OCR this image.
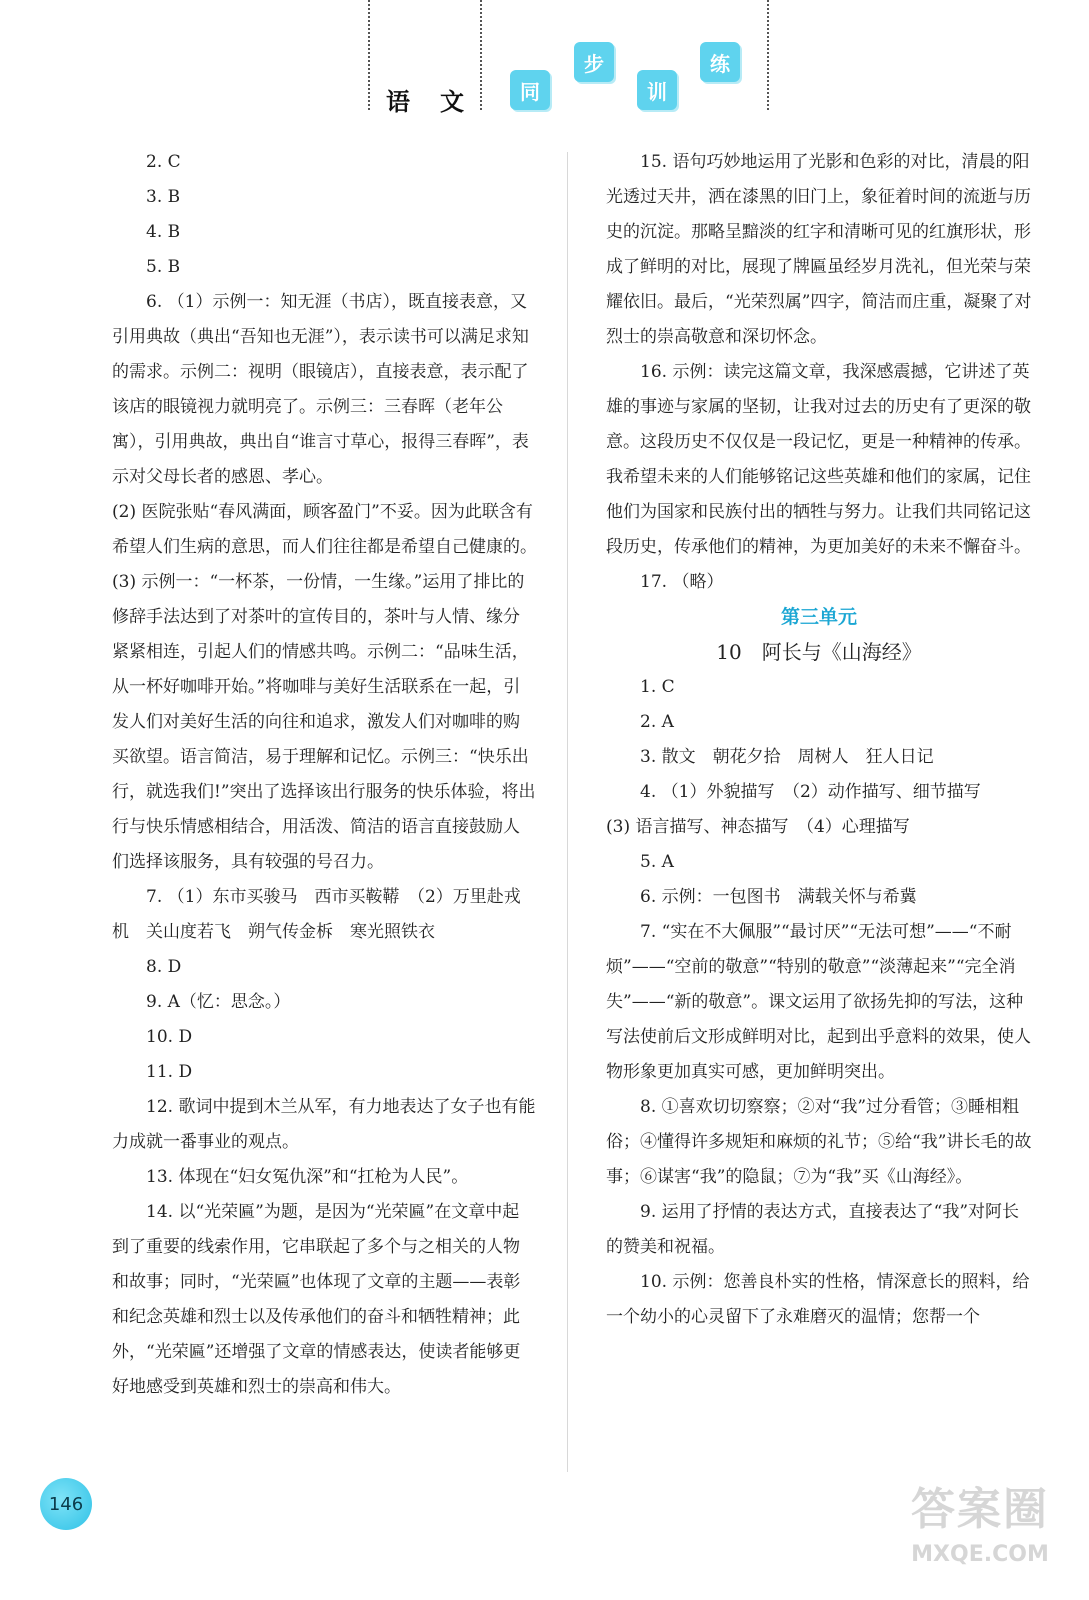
语 文	同
步
训
练

2. C

3. B

4. B

5. B

6. （1）示例一：知无涯（书店），既直接表意，又引用典故（典出“吾知也无涯”），表示读书可以满足求知的需求。示例二：视明（眼镜店），直接表意，表示配了该店的眼镜视力就明亮了。示例三：三春晖（老年公寓），引用典故，典出自“谁言寸草心，报得三春晖”，表示对父母长者的感恩、孝心。

(2) 医院张贴“春风满面，顾客盈门”不妥。因为此联含有希望人们生病的意思，而人们往往都是希望自己健康的。　(3) 示例一：“一杯茶，一份情，一生缘。”运用了排比的修辞手法达到了对茶叶的宣传目的，茶叶与人情、缘分紧紧相连，引起人们的情感共鸣。示例二：“品味生活，从一杯好咖啡开始。”将咖啡与美好生活联系在一起，引发人们对美好生活的向往和追求，激发人们对咖啡的购买欲望。语言简洁，易于理解和记忆。示例三：“快乐出行，就选我们!”突出了选择该出行服务的快乐体验，将出行与快乐情感相结合，用活泼、简洁的语言直接鼓励人们选择该服务，具有较强的号召力。

7. （1）东市买骏马　西市买鞍鞯　（2）万里赴戎机　关山度若飞　朔气传金柝　寒光照铁衣

8. D

9. A（忆：思念。）

10. D

11. D

12. 歌词中提到木兰从军，有力地表达了女子也有能力成就一番事业的观点。

13. 体现在“妇女冤仇深”和“扛枪为人民”。

14. 以“光荣匾”为题，是因为“光荣匾”在文章中起到了重要的线索作用，它串联起了多个与之相关的人物和故事；同时，“光荣匾”也体现了文章的主题——表彰和纪念英雄和烈士以及传承他们的奋斗和牺牲精神；此外，“光荣匾”还增强了文章的情感表达，使读者能够更好地感受到英雄和烈士的崇高和伟大。

15. 语句巧妙地运用了光影和色彩的对比，清晨的阳光透过天井，洒在漆黑的旧门上，象征着时间的流逝与历史的沉淀。那略呈黯淡的红字和清晰可见的红旗形状，形成了鲜明的对比，展现了牌匾虽经岁月洗礼，但光荣与荣耀依旧。最后，“光荣烈属”四字，简洁而庄重，凝聚了对烈士的崇高敬意和深切怀念。

16. 示例：读完这篇文章，我深感震撼，它讲述了英雄的事迹与家属的坚韧，让我对过去的历史有了更深的敬意。这段历史不仅仅是一段记忆，更是一种精神的传承。我希望未来的人们能够铭记这些英雄和他们的家属，记住他们为国家和民族付出的牺牲与努力。让我们共同铭记这段历史，传承他们的精神，为更加美好的未来不懈奋斗。

17. （略）

第三单元

10　阿长与《山海经》

1. C

2. A

3. 散文　朝花夕拾　周树人　狂人日记

4. （1）外貌描写　（2）动作描写、细节描写

(3) 语言描写、神态描写　（4）心理描写

5. A

6. 示例：一包图书　满载关怀与希冀

7. “实在不大佩服”“最讨厌”“无法可想”——“不耐烦”——“空前的敬意”“特别的敬意”“淡薄起来”“完全消失”——“新的敬意”。课文运用了欲扬先抑的写法，这种写法使前后文形成鲜明对比，起到出乎意料的效果，使人物形象更加真实可感，更加鲜明突出。

8. ①喜欢切切察察；②对“我”过分看管；③睡相粗俗；④懂得许多规矩和麻烦的礼节；⑤给“我”讲长毛的故事；⑥谋害“我”的隐鼠；⑦为“我”买《山海经》。

9. 运用了抒情的表达方式，直接表达了“我”对阿长的赞美和祝福。

10. 示例：您善良朴实的性格，情深意长的照料，给一个幼小的心灵留下了永难磨灭的温情；您帮一个

146	答案圈
MXQE.COM
